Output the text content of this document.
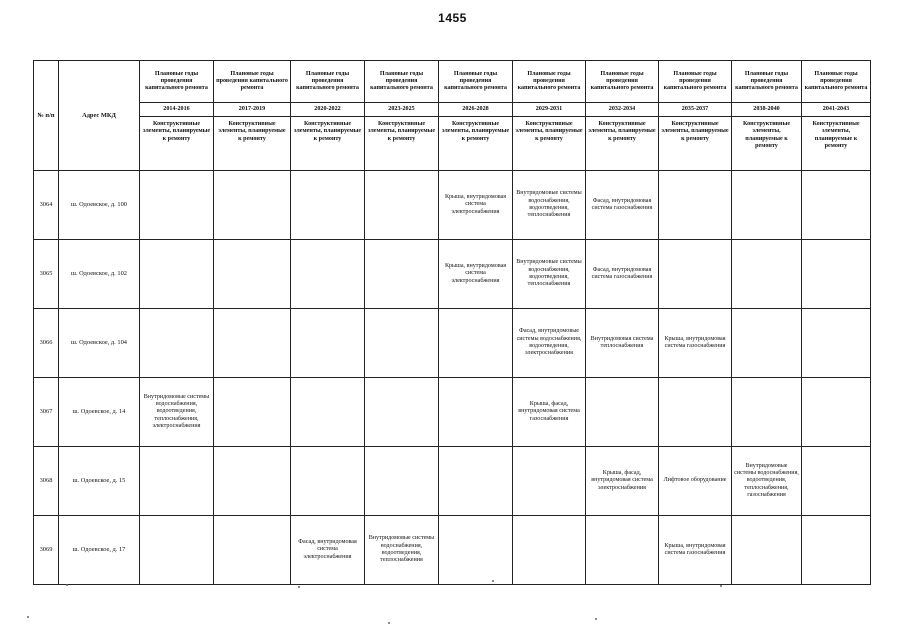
1455
№ п/п	Адрес МКД	Плановые годы проведения капитального ремонта	Плановые годы проведения капитального ремонта	Плановые годы проведения капитального ремонта	Плановые годы проведения капитального ремонта	Плановые годы проведения капитального ремонта	Плановые годы проведения капитального ремонта	Плановые годы проведения капитального ремонта	Плановые годы проведения капитального ремонта	Плановые годы проведения капитального ремонта	Плановые годы проведения капитального ремонта
		2014-2016	2017-2019	2020-2022	2023-2025	2026-2028	2029-2031	2032-2034	2035-2037	2038-2040	2041-2043
		Конструктивные элементы, планируемые к ремонту	Конструктивные элементы, планируемые к ремонту	Конструктивные элементы, планируемые к ремонту	Конструктивные элементы, планируемые к ремонту	Конструктивные элементы, планируемые к ремонту	Конструктивные элементы, планируемые к ремонту	Конструктивные элементы, планируемые к ремонту	Конструктивные элементы, планируемые к ремонту	Конструктивные элементы, планируемые к ремонту	Конструктивные элементы, планируемые к ремонту
3064	ш. Одоевское, д. 100					Крыша, внутридомовая система электроснабжения	Внутридомовые системы водоснабжения, водоотведения, теплоснабжения	Фасад, внутридомовая система газоснабжения			
3065	ш. Одоевское, д. 102					Крыша, внутридомовая система электроснабжения	Внутридомовые системы водоснабжения, водоотведения, теплоснабжения	Фасад, внутридомовая система газоснабжения			
3066	ш. Одоевское, д. 104						Фасад, внутридомовые системы водоснабжения, водоотведения, электроснабжения	Внутридомовая система теплоснабжения	Крыша, внутридомовая система газоснабжения		
3067	ш. Одоевское, д. 14	Внутридомовые системы водоснабжения, водоотведения, теплоснабжения, электроснабжения					Крыша, фасад, внутридомовая система газоснабжения				
3068	ш. Одоевское, д. 15							Крыша, фасад, внутридомовая система электроснабжения	Лифтовое оборудование	Внутридомовые системы водоснабжения, водоотведения, теплоснабжения, газоснабжения	
3069	ш. Одоевское, д. 17			Фасад, внутридомовая система электроснабжения	Внутридомовые системы водоснабжения, водоотведения, теплоснабжения				Крыша, внутридомовая система газоснабжения		
